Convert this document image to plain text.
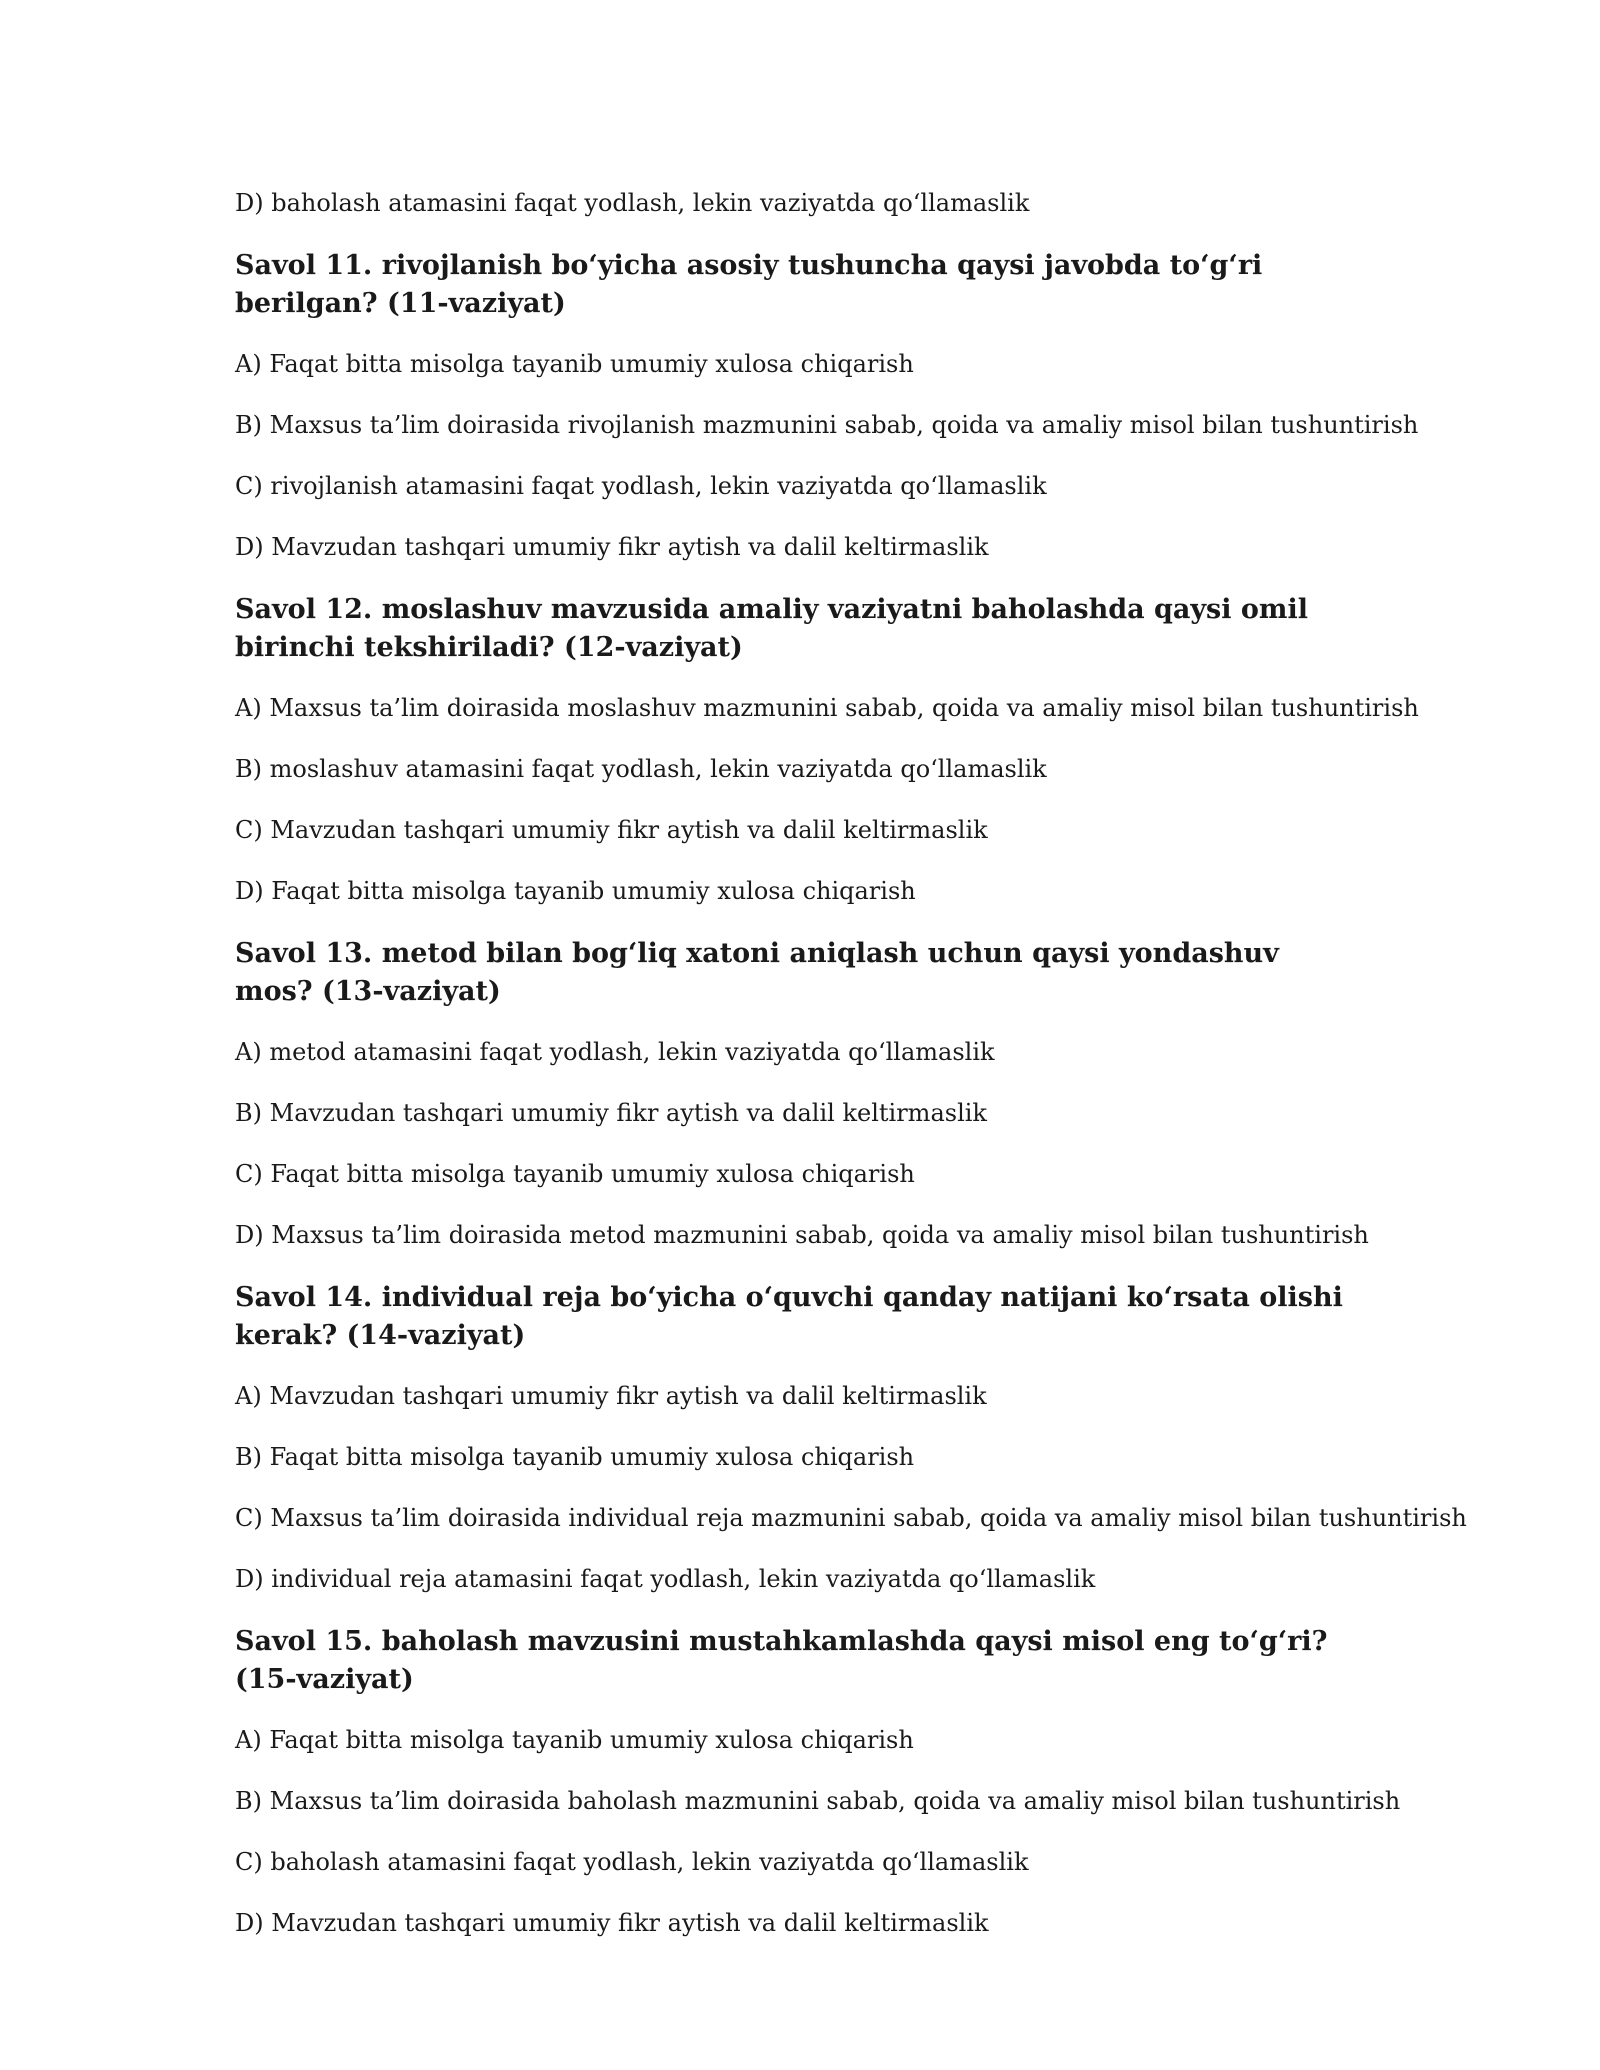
D) baholash atamasini faqat yodlash, lekin vaziyatda qo‘llamaslik

Savol 11. rivojlanish bo‘yicha asosiy tushuncha qaysi javobda to‘g‘ri berilgan? (11-vaziyat)

A) Faqat bitta misolga tayanib umumiy xulosa chiqarish

B) Maxsus ta’lim doirasida rivojlanish mazmunini sabab, qoida va amaliy misol bilan tushuntirish

C) rivojlanish atamasini faqat yodlash, lekin vaziyatda qo‘llamaslik

D) Mavzudan tashqari umumiy fikr aytish va dalil keltirmaslik

Savol 12. moslashuv mavzusida amaliy vaziyatni baholashda qaysi omil birinchi tekshiriladi? (12-vaziyat)

A) Maxsus ta’lim doirasida moslashuv mazmunini sabab, qoida va amaliy misol bilan tushuntirish

B) moslashuv atamasini faqat yodlash, lekin vaziyatda qo‘llamaslik

C) Mavzudan tashqari umumiy fikr aytish va dalil keltirmaslik

D) Faqat bitta misolga tayanib umumiy xulosa chiqarish

Savol 13. metod bilan bog‘liq xatoni aniqlash uchun qaysi yondashuv mos? (13-vaziyat)

A) metod atamasini faqat yodlash, lekin vaziyatda qo‘llamaslik

B) Mavzudan tashqari umumiy fikr aytish va dalil keltirmaslik

C) Faqat bitta misolga tayanib umumiy xulosa chiqarish

D) Maxsus ta’lim doirasida metod mazmunini sabab, qoida va amaliy misol bilan tushuntirish

Savol 14. individual reja bo‘yicha o‘quvchi qanday natijani ko‘rsata olishi kerak? (14-vaziyat)

A) Mavzudan tashqari umumiy fikr aytish va dalil keltirmaslik

B) Faqat bitta misolga tayanib umumiy xulosa chiqarish

C) Maxsus ta’lim doirasida individual reja mazmunini sabab, qoida va amaliy misol bilan tushuntirish

D) individual reja atamasini faqat yodlash, lekin vaziyatda qo‘llamaslik

Savol 15. baholash mavzusini mustahkamlashda qaysi misol eng to‘g‘ri? (15-vaziyat)

A) Faqat bitta misolga tayanib umumiy xulosa chiqarish

B) Maxsus ta’lim doirasida baholash mazmunini sabab, qoida va amaliy misol bilan tushuntirish

C) baholash atamasini faqat yodlash, lekin vaziyatda qo‘llamaslik

D) Mavzudan tashqari umumiy fikr aytish va dalil keltirmaslik
